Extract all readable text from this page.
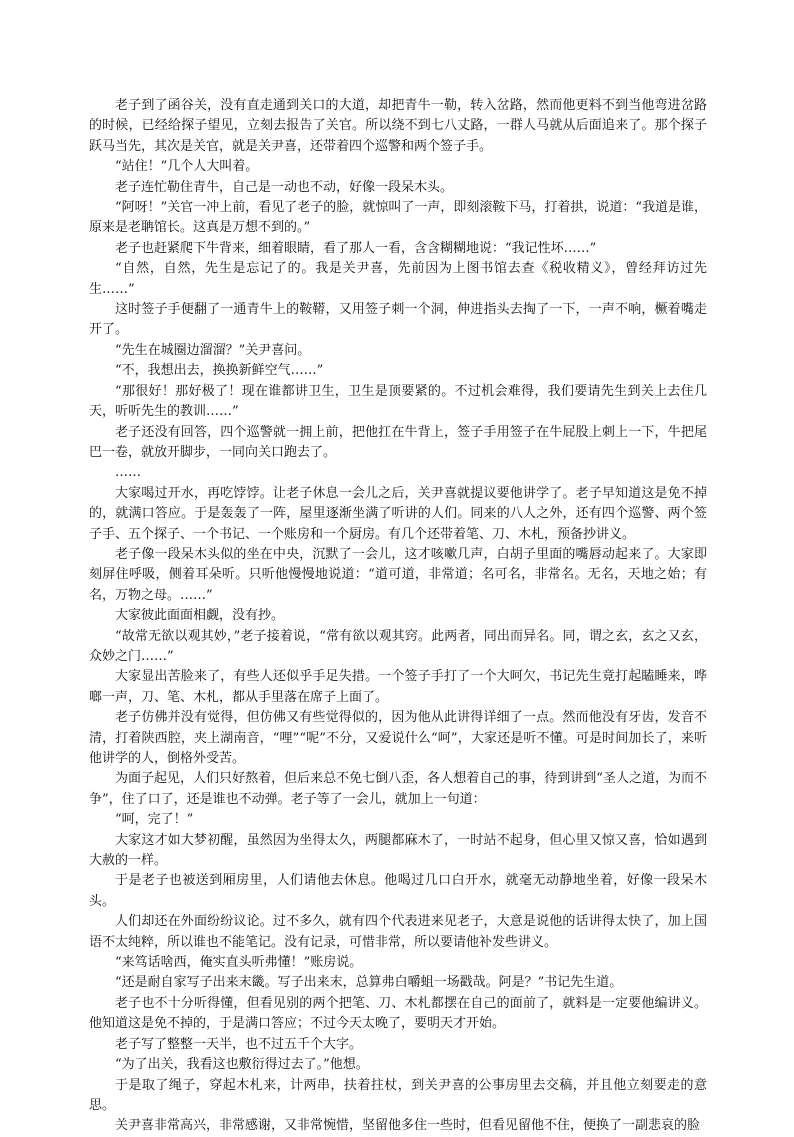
老子到了函谷关，没有直走通到关口的大道，却把青牛一勒，转入岔路，然而他更料不到当他弯进岔路的时候，已经给探子望见，立刻去报告了关官。所以绕不到七八丈路，一群人马就从后面追来了。那个探子跃马当先，其次是关官，就是关尹喜，还带着四个巡警和两个签子手。

“站住！”几个人大叫着。

老子连忙勒住青牛，自己是一动也不动，好像一段呆木头。

“阿呀！”关官一冲上前，看见了老子的脸，就惊叫了一声，即刻滚鞍下马，打着拱，说道：“我道是谁，原来是老聃馆长。这真是万想不到的。”

老子也赶紧爬下牛背来，细着眼睛，看了那人一看，含含糊糊地说：“我记性坏……”

“自然，自然，先生是忘记了的。我是关尹喜，先前因为上图书馆去查《税收精义》，曾经拜访过先生……”

这时签子手便翻了一通青牛上的鞍鞯，又用签子刺一个洞，伸进指头去掏了一下，一声不响，橛着嘴走开了。

“先生在城圈边溜溜？”关尹喜问。

“不，我想出去，换换新鲜空气……”

“那很好！那好极了！现在谁都讲卫生，卫生是顶要紧的。不过机会难得，我们要请先生到关上去住几天，听听先生的教训……”

老子还没有回答，四个巡警就一拥上前，把他扛在牛背上，签子手用签子在牛屁股上刺上一下，牛把尾巴一卷，就放开脚步，一同向关口跑去了。

……

大家喝过开水，再吃饽饽。让老子休息一会儿之后，关尹喜就提议要他讲学了。老子早知道这是免不掉的，就满口答应。于是轰轰了一阵，屋里逐渐坐满了听讲的人们。同来的八人之外，还有四个巡警、两个签子手、五个探子、一个书记、一个账房和一个厨房。有几个还带着笔、刀、木札，预备抄讲义。

老子像一段呆木头似的坐在中央，沉默了一会儿，这才咳嗽几声，白胡子里面的嘴唇动起来了。大家即刻屏住呼吸，侧着耳朵听。只听他慢慢地说道：“道可道，非常道；名可名，非常名。无名，天地之始；有名，万物之母。……”

大家彼此面面相觑，没有抄。

“故常无欲以观其妙，”老子接着说，“常有欲以观其窍。此两者，同出而异名。同，谓之玄，玄之又玄，众妙之门……”

大家显出苦脸来了，有些人还似乎手足失措。一个签子手打了一个大呵欠，书记先生竟打起瞌睡来，哗啷一声，刀、笔、木札，都从手里落在席子上面了。

老子仿佛并没有觉得，但仿佛又有些觉得似的，因为他从此讲得详细了一点。然而他没有牙齿，发音不清，打着陕西腔，夹上湖南音，“哩”“呢”不分，又爱说什么“呵”，大家还是听不懂。可是时间加长了，来听他讲学的人，倒格外受苦。

为面子起见，人们只好熬着，但后来总不免七倒八歪，各人想着自己的事，待到讲到“圣人之道，为而不争”，住了口了，还是谁也不动弹。老子等了一会儿，就加上一句道：

“呵，完了！”

大家这才如大梦初醒，虽然因为坐得太久，两腿都麻木了，一时站不起身，但心里又惊又喜，恰如遇到大赦的一样。

于是老子也被送到厢房里，人们请他去休息。他喝过几口白开水，就毫无动静地坐着，好像一段呆木头。

人们却还在外面纷纷议论。过不多久，就有四个代表进来见老子，大意是说他的话讲得太快了，加上国语不太纯粹，所以谁也不能笔记。没有记录，可惜非常，所以要请他补发些讲义。

“来笃话啥西，俺实直头听弗懂！”账房说。

“还是耐自家写子出来末畿。写子出来末，总算弗白嚼蛆一场戳哉。阿是？”书记先生道。

老子也不十分听得懂，但看见别的两个把笔、刀、木札都摆在自己的面前了，就料是一定要他编讲义。他知道这是免不掉的，于是满口答应；不过今天太晚了，要明天才开始。

老子写了整整一天半，也不过五千个大字。

“为了出关，我看这也敷衍得过去了。”他想。

于是取了绳子，穿起木札来，计两串，扶着拄杖，到关尹喜的公事房里去交稿，并且他立刻要走的意思。

关尹喜非常高兴，非常感谢，又非常惋惜，坚留他多住一些时，但看见留他不住，便换了一副悲哀的脸
